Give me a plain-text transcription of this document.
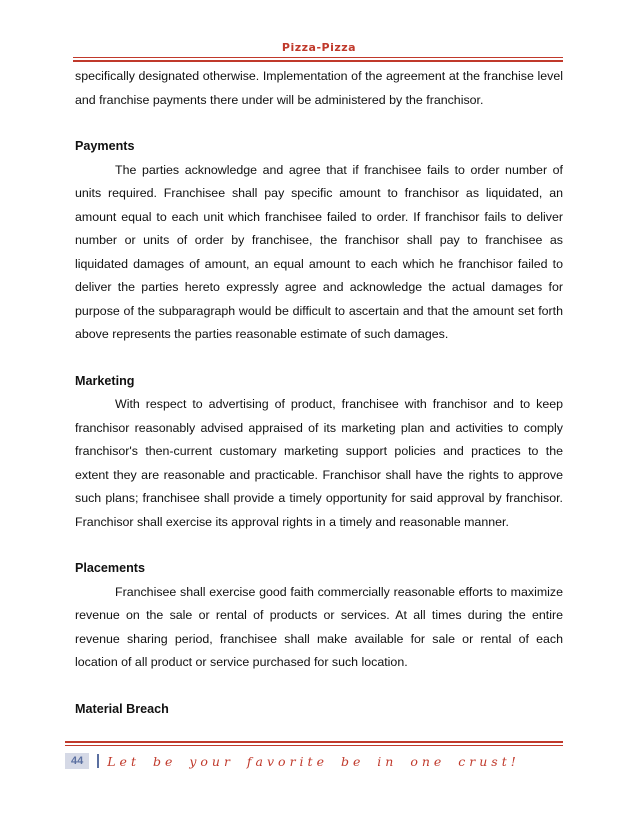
Pizza-Pizza

specifically designated otherwise. Implementation of the agreement at the franchise level and franchise payments there under will be administered by the franchisor.

Payments

The parties acknowledge and agree that if franchisee fails to order number of units required. Franchisee shall pay specific amount to franchisor as liquidated, an amount equal to each unit which franchisee failed to order. If franchisor fails to deliver number or units of order by franchisee, the franchisor shall pay to franchisee as liquidated damages of amount, an equal amount to each which he franchisor failed to deliver the parties hereto expressly agree and acknowledge the actual damages for purpose of the subparagraph would be difficult to ascertain and that the amount set forth above represents the parties reasonable estimate of such damages.

Marketing

With respect to advertising of product, franchisee with franchisor and to keep franchisor reasonably advised appraised of its marketing plan and activities to comply franchisor's then-current customary marketing support policies and practices to the extent they are reasonable and practicable. Franchisor shall have the rights to approve such plans; franchisee shall provide a timely opportunity for said approval by franchisor. Franchisor shall exercise its approval rights in a timely and reasonable manner.

Placements

Franchisee shall exercise good faith commercially reasonable efforts to maximize revenue on the sale or rental of products or services. At all times during the entire revenue sharing period, franchisee shall make available for sale or rental of each location of all product or service purchased for such location.

Material Breach

44	Let be your favorite be in one crust!
